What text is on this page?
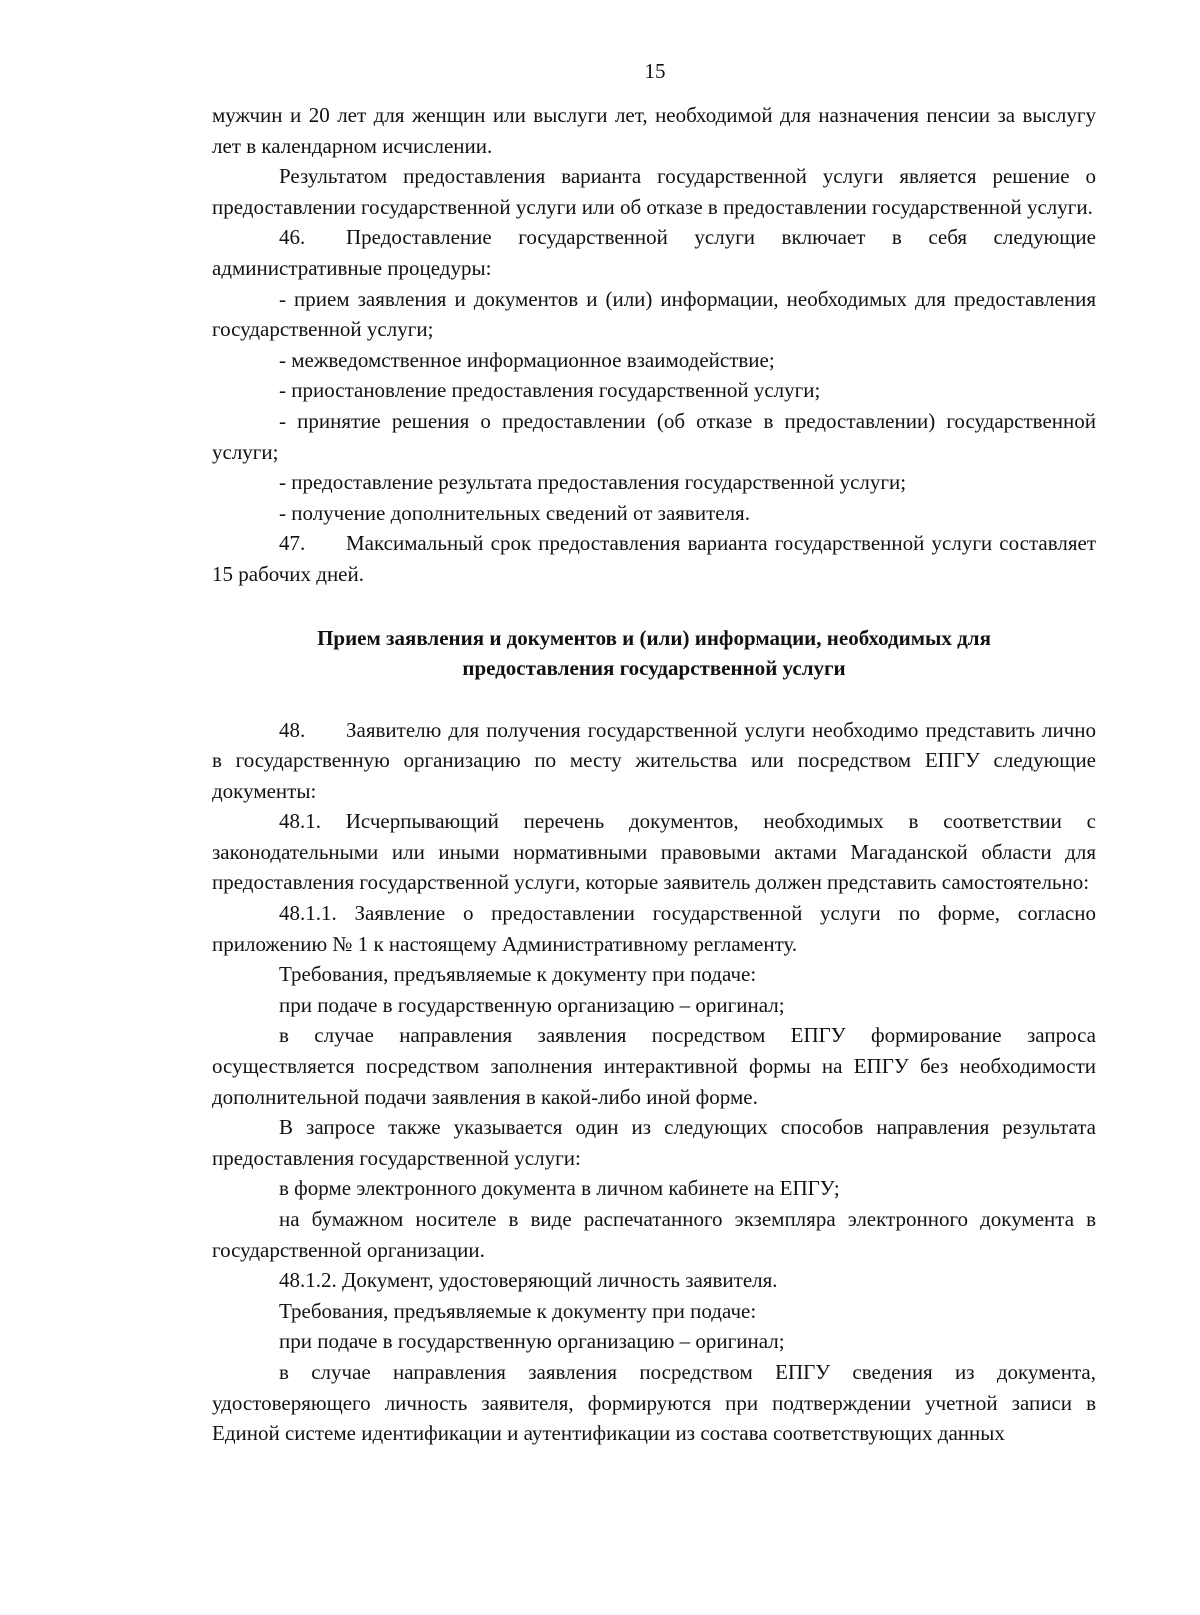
15

мужчин и 20 лет для женщин или выслуги лет, необходимой для назначения пенсии за выслугу лет в календарном исчислении.

Результатом предоставления варианта государственной услуги является решение о предоставлении государственной услуги или об отказе в предоставлении государственной услуги.

46. Предоставление государственной услуги включает в себя следующие административные процедуры:

- прием заявления и документов и (или) информации, необходимых для предоставления государственной услуги;

- межведомственное информационное взаимодействие;

- приостановление предоставления государственной услуги;

- принятие решения о предоставлении (об отказе в предоставлении) государственной услуги;

- предоставление результата предоставления государственной услуги;

- получение дополнительных сведений от заявителя.

47. Максимальный срок предоставления варианта государственной услуги составляет 15 рабочих дней.

Прием заявления и документов и (или) информации, необходимых для
предоставления государственной услуги

48. Заявителю для получения государственной услуги необходимо представить лично в государственную организацию по месту жительства или посредством ЕПГУ следующие документы:

48.1. Исчерпывающий перечень документов, необходимых в соответствии с законодательными или иными нормативными правовыми актами Магаданской области для предоставления государственной услуги, которые заявитель должен представить самостоятельно:

48.1.1. Заявление о предоставлении государственной услуги по форме, согласно приложению № 1 к настоящему Административному регламенту.

Требования, предъявляемые к документу при подаче:

при подаче в государственную организацию – оригинал;

в случае направления заявления посредством ЕПГУ формирование запроса осуществляется посредством заполнения интерактивной формы на ЕПГУ без необходимости дополнительной подачи заявления в какой-либо иной форме.

В запросе также указывается один из следующих способов направления результата предоставления государственной услуги:

в форме электронного документа в личном кабинете на ЕПГУ;

на бумажном носителе в виде распечатанного экземпляра электронного документа в государственной организации.

48.1.2. Документ, удостоверяющий личность заявителя.

Требования, предъявляемые к документу при подаче:

при подаче в государственную организацию – оригинал;

в случае направления заявления посредством ЕПГУ сведения из документа, удостоверяющего личность заявителя, формируются при подтверждении учетной записи в Единой системе идентификации и аутентификации из состава соответствующих данных
